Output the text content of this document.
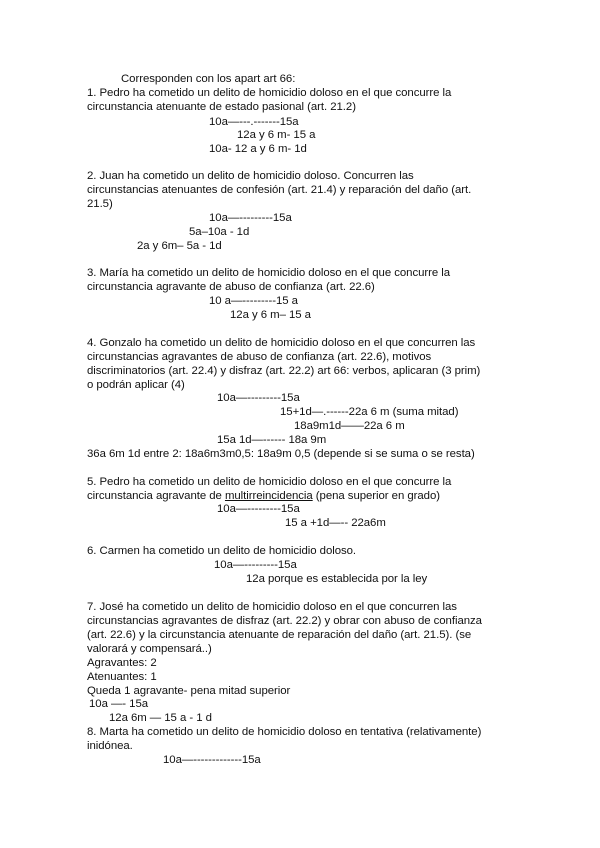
Corresponden con los apart art 66:
1. Pedro ha cometido un delito de homicidio doloso en el que concurre la
circunstancia atenuante de estado pasional (art. 21.2)
10a—---.-------15a
12a y 6 m- 15 a
10a- 12 a y 6 m- 1d
2. Juan ha cometido un delito de homicidio doloso. Concurren las
circunstancias atenuantes de confesión (art. 21.4) y reparación del daño (art.
21.5)
10a—---------15a
5a–10a - 1d
2a y 6m– 5a - 1d
3. María ha cometido un delito de homicidio doloso en el que concurre la
circunstancia agravante de abuso de confianza (art. 22.6)
10 a—---------15 a
12a y 6 m– 15 a
4. Gonzalo ha cometido un delito de homicidio doloso en el que concurren las
circunstancias agravantes de abuso de confianza (art. 22.6), motivos
discriminatorios (art. 22.4) y disfraz (art. 22.2) art 66: verbos, aplicaran (3 prim)
o podrán aplicar (4)
10a—---------15a
15+1d—.------22a 6 m (suma mitad)
18a9m1d——22a 6 m
15a 1d—------ 18a 9m
36a 6m 1d entre 2: 18a6m3m0,5: 18a9m 0,5 (depende si se suma o se resta)
5. Pedro ha cometido un delito de homicidio doloso en el que concurre la
circunstancia agravante de multirreincidencia (pena superior en grado)
10a—---------15a
15 a +1d—-- 22a6m
6. Carmen ha cometido un delito de homicidio doloso.
10a—---------15a
12a porque es establecida por la ley
7. José ha cometido un delito de homicidio doloso en el que concurren las
circunstancias agravantes de disfraz (art. 22.2) y obrar con abuso de confianza
(art. 22.6) y la circunstancia atenuante de reparación del daño (art. 21.5). (se
valorará y compensará..)
Agravantes: 2
Atenuantes: 1
Queda 1 agravante- pena mitad superior
10a —- 15a
12a 6m — 15 a - 1 d
8. Marta ha cometido un delito de homicidio doloso en tentativa (relativamente)
inidónea.
10a—-------------15a
